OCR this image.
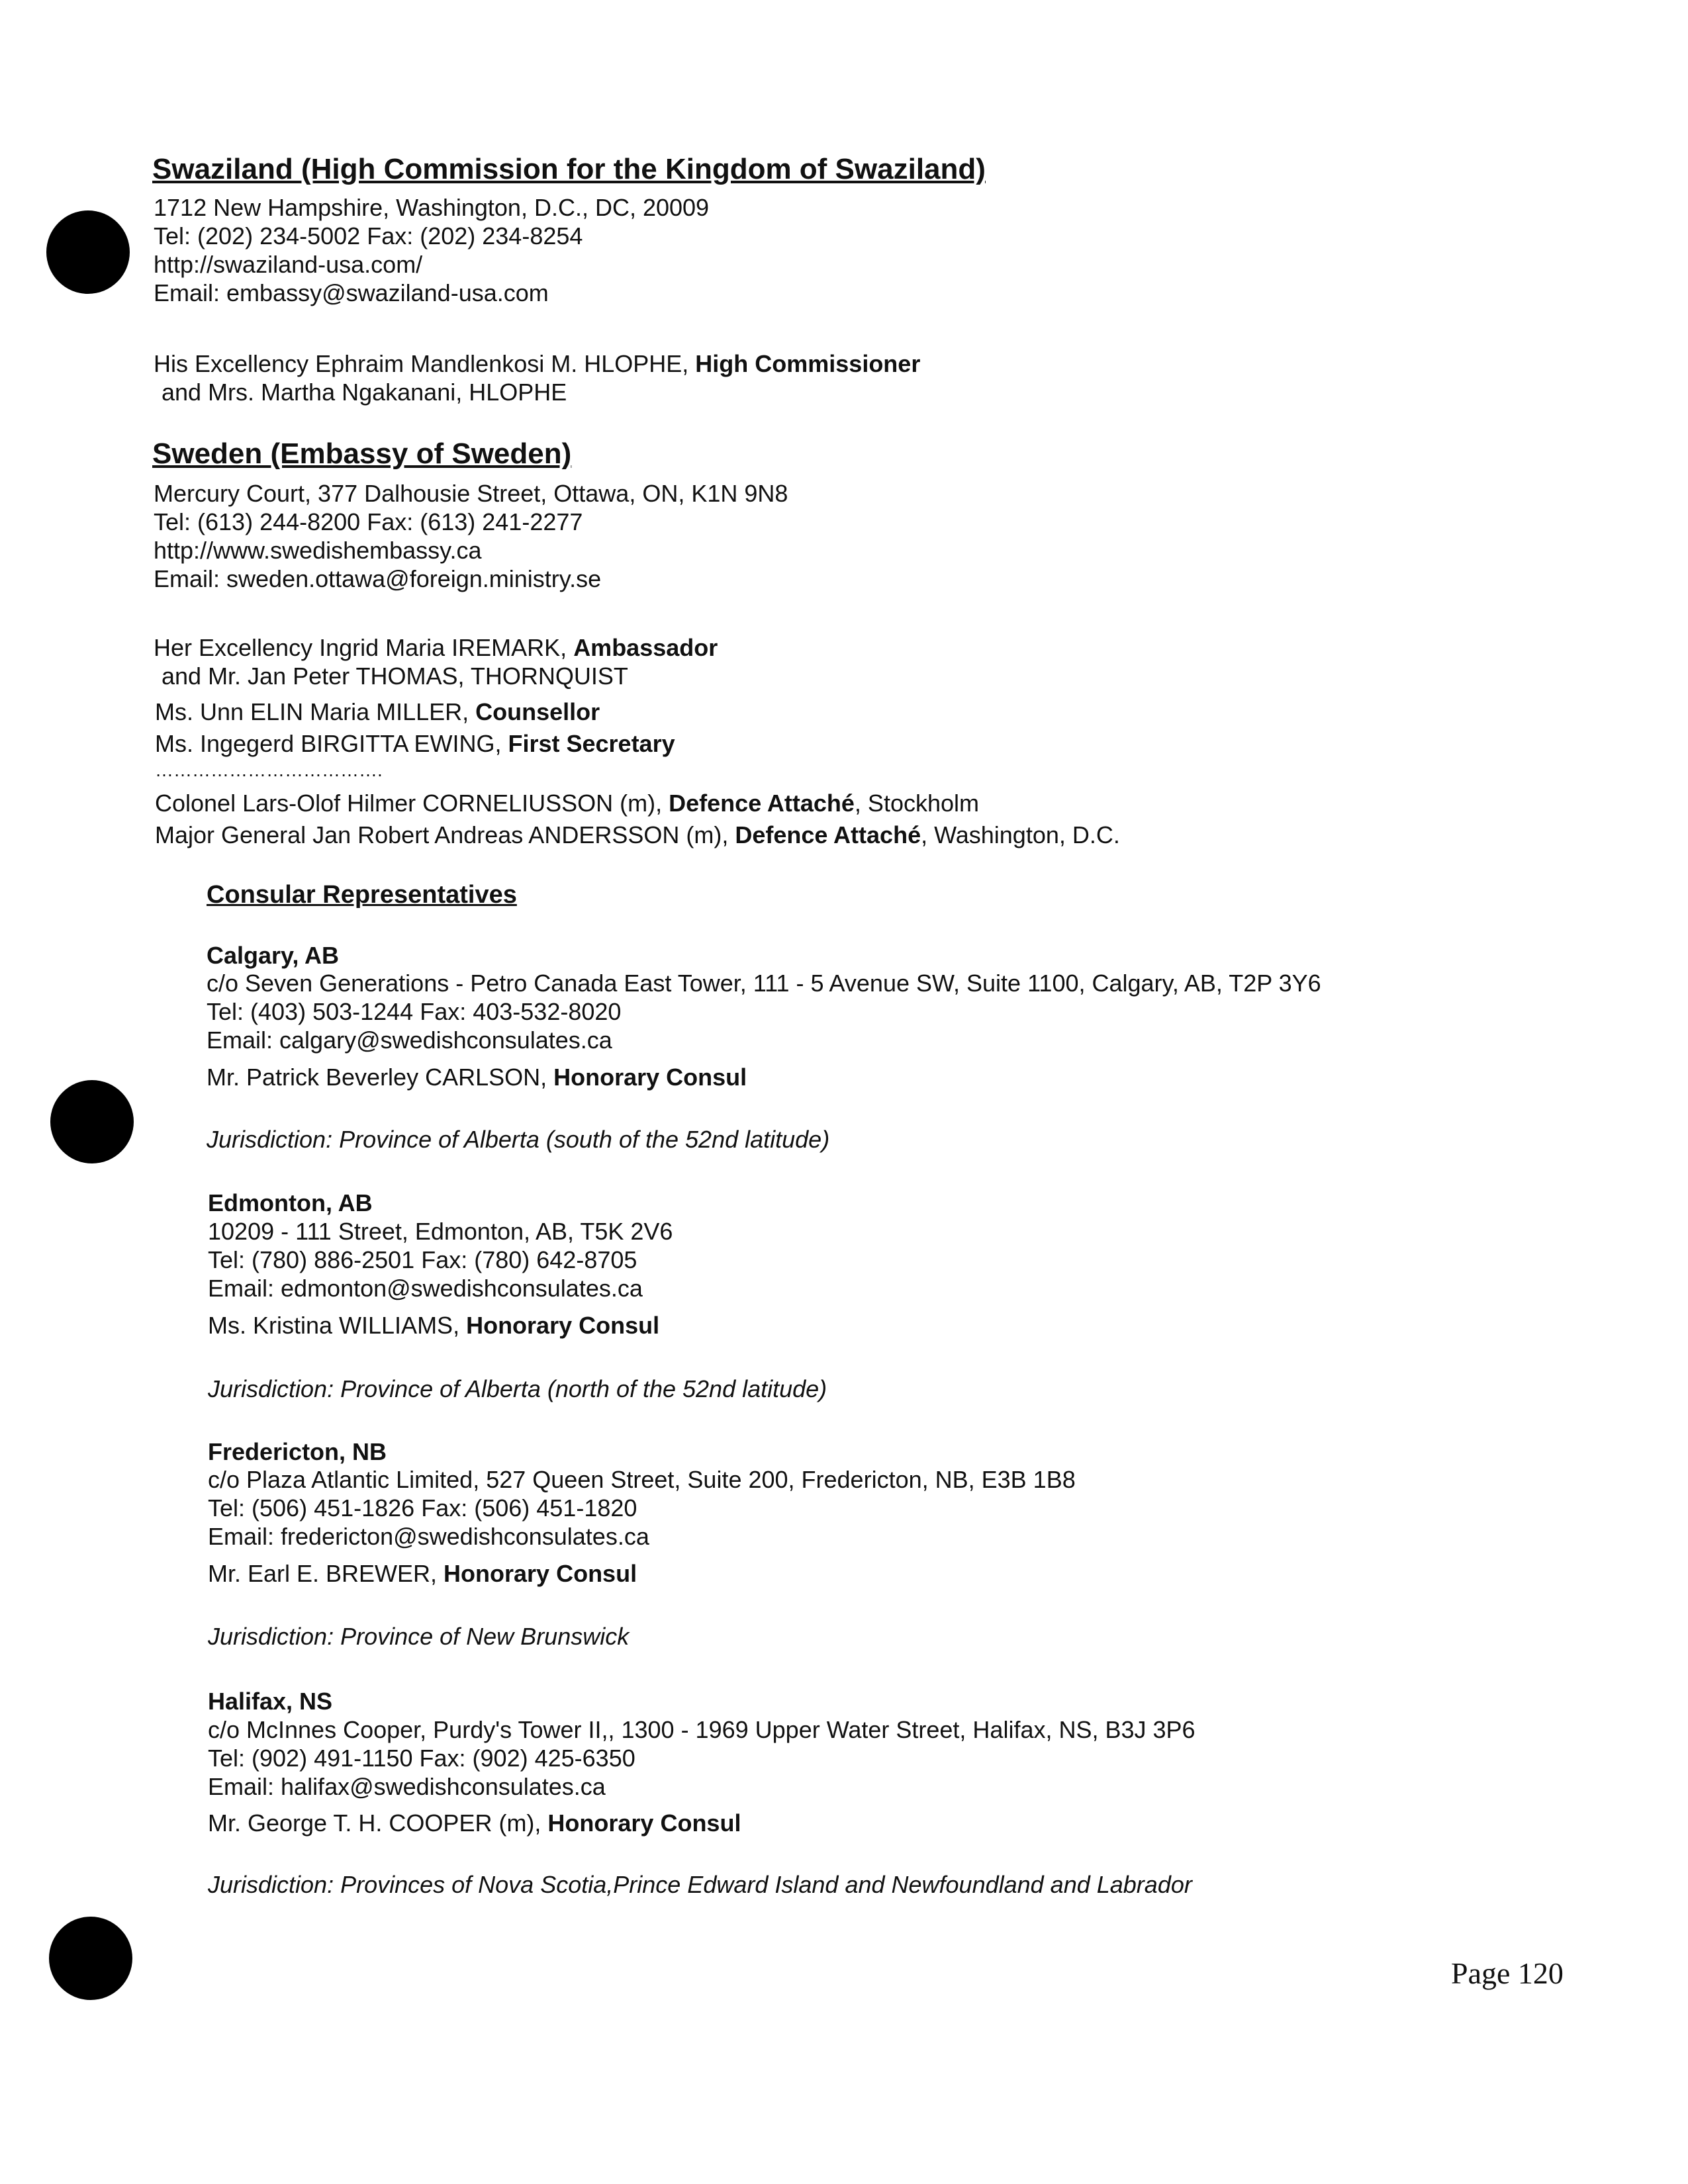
Swaziland (High Commission for the Kingdom of Swaziland)
1712 New Hampshire, Washington, D.C., DC, 20009
Tel: (202) 234-5002 Fax: (202) 234-8254
http://swaziland-usa.com/
Email: embassy@swaziland-usa.com
His Excellency Ephraim Mandlenkosi M. HLOPHE, High Commissioner
and Mrs. Martha Ngakanani, HLOPHE
Sweden (Embassy of Sweden)
Mercury Court, 377 Dalhousie Street, Ottawa, ON, K1N 9N8
Tel: (613) 244-8200 Fax: (613) 241-2277
http://www.swedishembassy.ca
Email: sweden.ottawa@foreign.ministry.se
Her Excellency Ingrid Maria IREMARK, Ambassador
and Mr. Jan Peter THOMAS, THORNQUIST
Ms. Unn ELIN Maria MILLER, Counsellor
Ms. Ingegerd BIRGITTA EWING, First Secretary
……………………………….
Colonel Lars-Olof Hilmer CORNELIUSSON (m), Defence Attaché, Stockholm
Major General Jan Robert Andreas ANDERSSON (m), Defence Attaché, Washington, D.C.
Consular Representatives
Calgary, AB
c/o Seven Generations - Petro Canada East Tower, 111 - 5 Avenue SW, Suite 1100, Calgary, AB, T2P 3Y6
Tel: (403) 503-1244 Fax: 403-532-8020
Email: calgary@swedishconsulates.ca
Mr. Patrick Beverley CARLSON, Honorary Consul
Jurisdiction: Province of Alberta (south of the 52nd latitude)
Edmonton, AB
10209 - 111 Street, Edmonton, AB, T5K 2V6
Tel: (780) 886-2501 Fax: (780) 642-8705
Email: edmonton@swedishconsulates.ca
Ms. Kristina WILLIAMS, Honorary Consul
Jurisdiction: Province of Alberta (north of the 52nd latitude)
Fredericton, NB
c/o Plaza Atlantic Limited, 527 Queen Street, Suite 200, Fredericton, NB, E3B 1B8
Tel: (506) 451-1826 Fax: (506) 451-1820
Email: fredericton@swedishconsulates.ca
Mr. Earl E. BREWER, Honorary Consul
Jurisdiction: Province of New Brunswick
Halifax, NS
c/o McInnes Cooper, Purdy's Tower II,, 1300 - 1969 Upper Water Street, Halifax, NS, B3J 3P6
Tel: (902) 491-1150 Fax: (902) 425-6350
Email: halifax@swedishconsulates.ca
Mr. George T. H. COOPER (m), Honorary Consul
Jurisdiction: Provinces of Nova Scotia,Prince Edward Island and Newfoundland and Labrador
Page 120
